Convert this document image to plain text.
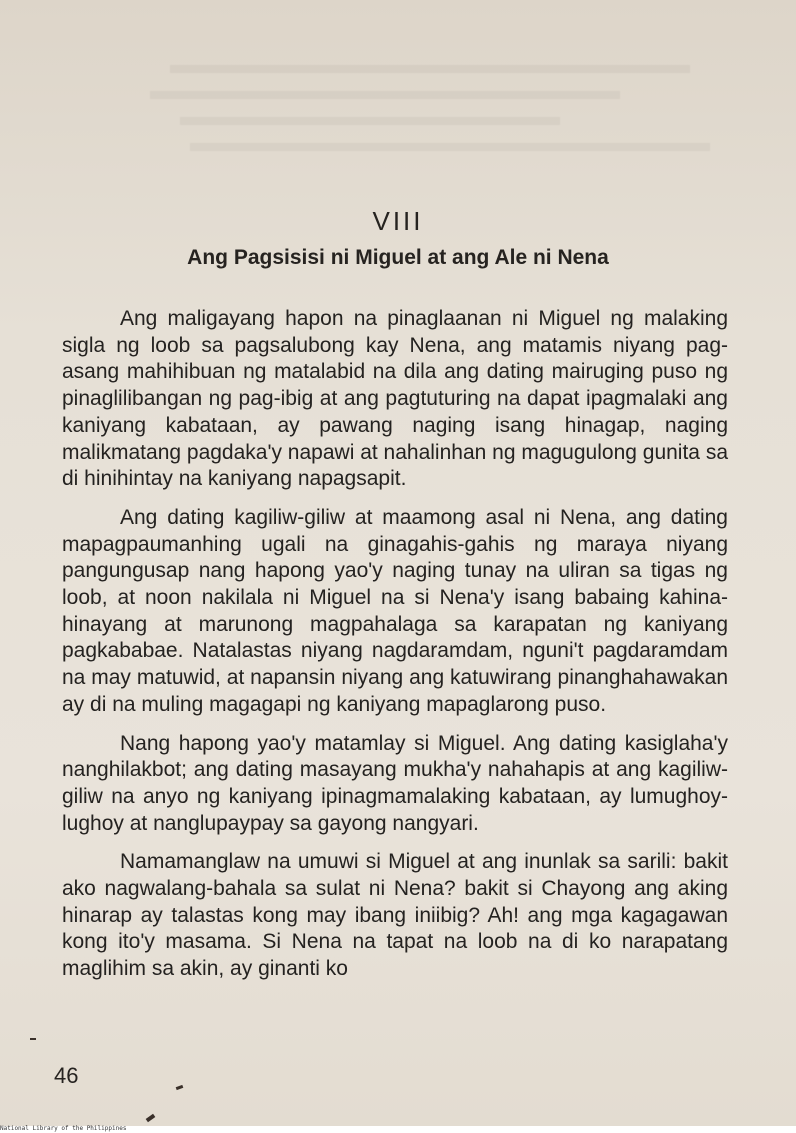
VIII
Ang Pagsisisi ni Miguel at ang Ale ni Nena

Ang maligayang hapon na pinaglaanan ni Miguel ng malaking sigla ng loob sa pagsalubong kay Nena, ang matamis niyang pag-asang mahihibuan ng matalabid na dila ang dating mairuging puso ng pinaglilibangan ng pag-ibig at ang pagtuturing na dapat ipagmalaki ang kaniyang kabataan, ay pawang naging isang hinagap, naging malikmatang pagdaka'y napawi at nahalinhan ng magugulong gunita sa di hinihintay na kaniyang napagsapit.

Ang dating kagiliw-giliw at maamong asal ni Nena, ang dating mapagpaumanhing ugali na ginagahis-gahis ng maraya niyang pangungusap nang hapong yao'y naging tunay na uliran sa tigas ng loob, at noon nakilala ni Miguel na si Nena'y isang babaing kahina-hinayang at marunong magpahalaga sa karapatan ng kaniyang pagkababae. Natalastas niyang nagdaramdam, nguni't pagdaramdam na may matuwid, at napansin niyang ang katuwirang pinanghahawakan ay di na muling magagapi ng kaniyang mapaglarong puso.

Nang hapong yao'y matamlay si Miguel. Ang dating kasiglaha'y nanghilakbot; ang dating masayang mukha'y nahahapis at ang kagiliw-giliw na anyo ng kaniyang ipinagmamalaking kabataan, ay lumughoy-lughoy at nanglupaypay sa gayong nangyari.

Namamanglaw na umuwi si Miguel at ang inunlak sa sarili: bakit ako nagwalang-bahala sa sulat ni Nena? bakit si Chayong ang aking hinarap ay talastas kong may ibang iniibig? Ah! ang mga kagagawan kong ito'y masama. Si Nena na tapat na loob na di ko narapatang maglihim sa akin, ay ginanti ko

46
National Library of the Philippines
